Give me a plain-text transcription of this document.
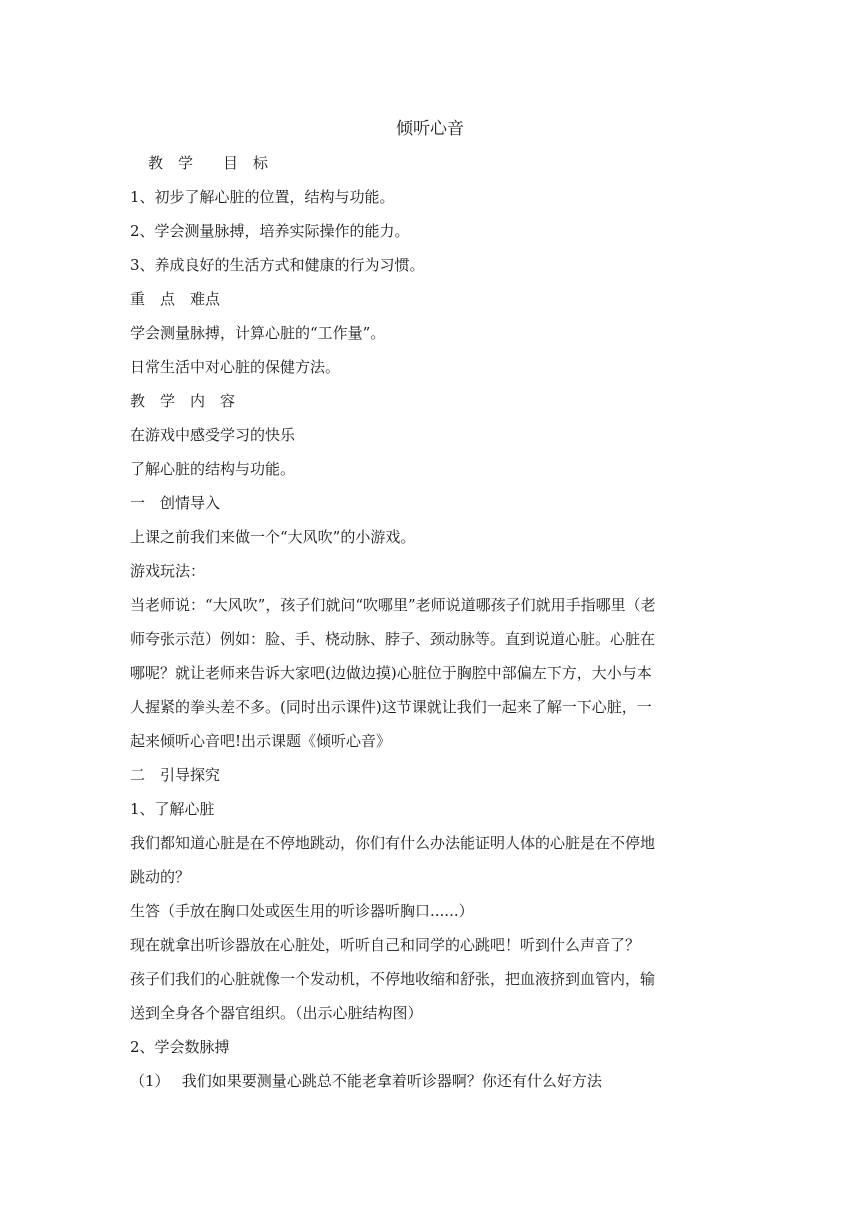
倾听心音
教　学　　目　标
1、初步了解心脏的位置，结构与功能。
2、学会测量脉搏，培养实际操作的能力。
3、养成良好的生活方式和健康的行为习惯。
重　点　难点
学会测量脉搏，计算心脏的“工作量”。
日常生活中对心脏的保健方法。
教　学　内　容
在游戏中感受学习的快乐
了解心脏的结构与功能。
一　创情导入
上课之前我们来做一个“大风吹”的小游戏。
游戏玩法：
当老师说：“大风吹”，孩子们就问“吹哪里”老师说道哪孩子们就用手指哪里（老
师夸张示范）例如：脸、手、桡动脉、脖子、颈动脉等。直到说道心脏。心脏在
哪呢？就让老师来告诉大家吧(边做边摸)心脏位于胸腔中部偏左下方，大小与本
人握紧的拳头差不多。(同时出示课件)这节课就让我们一起来了解一下心脏，一
起来倾听心音吧!出示课题《倾听心音》
二　引导探究
1、了解心脏
我们都知道心脏是在不停地跳动，你们有什么办法能证明人体的心脏是在不停地
跳动的？
生答（手放在胸口处或医生用的听诊器听胸口......）
现在就拿出听诊器放在心脏处，听听自己和同学的心跳吧！听到什么声音了？
孩子们我们的心脏就像一个发动机，不停地收缩和舒张，把血液挤到血管内，输
送到全身各个器官组织。（出示心脏结构图）
2、学会数脉搏
（1）　 我们如果要测量心跳总不能老拿着听诊器啊？你还有什么好方法
